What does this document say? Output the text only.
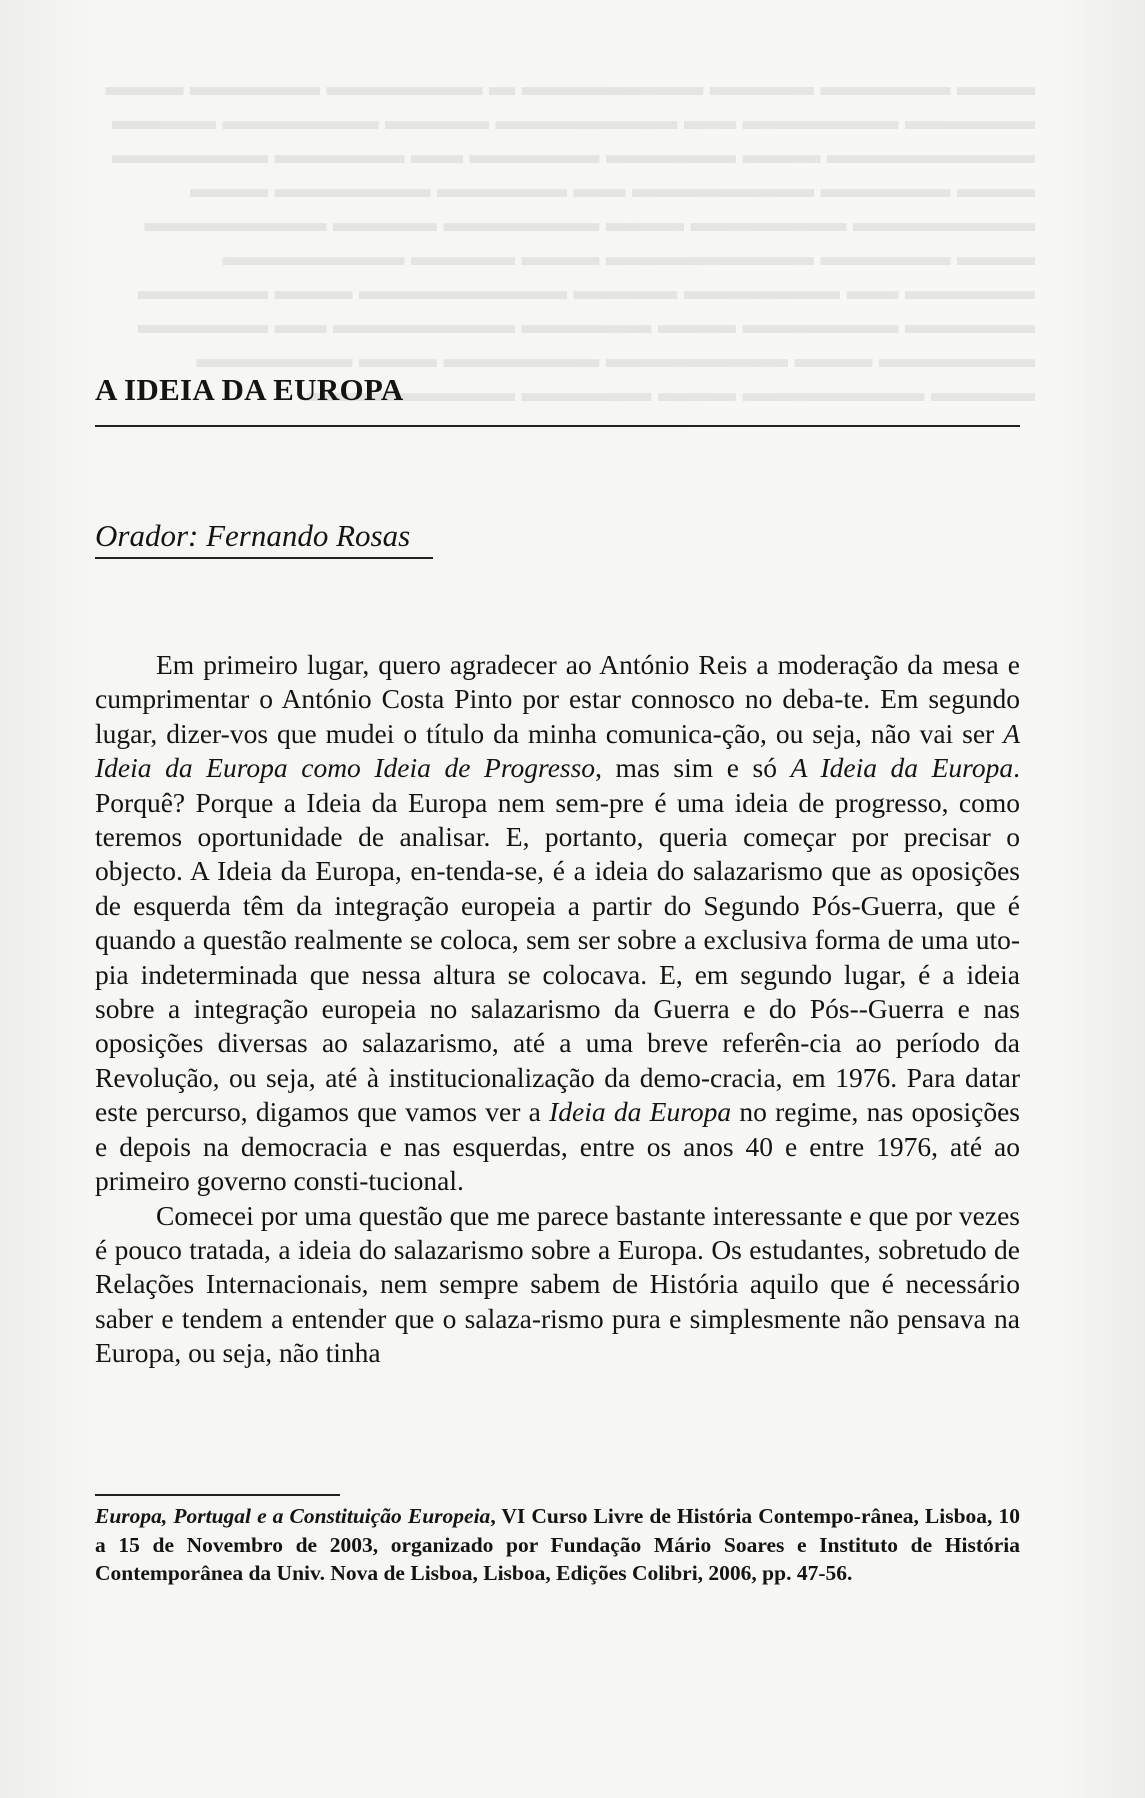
▬▬▬ ▬▬▬▬▬ ▬▬▬▬ ▬▬▬▬▬▬▬ ▬ ▬▬▬▬▬▬ ▬▬▬▬▬ ▬▬▬ ▬▬▬▬▬ ▬▬▬▬▬▬ ▬▬ ▬▬▬▬▬▬▬ ▬▬▬▬ ▬▬▬▬▬▬ ▬▬▬▬ ▬▬▬▬▬▬▬▬ ▬▬▬ ▬▬▬▬▬ ▬▬▬▬▬ ▬▬ ▬▬▬▬▬ ▬▬▬▬▬▬ ▬▬▬ ▬▬▬▬▬ ▬▬▬▬▬▬▬ ▬▬ ▬▬▬▬▬ ▬▬▬▬▬▬ ▬▬▬ ▬▬▬▬▬▬▬ ▬▬▬▬▬▬ ▬▬▬ ▬▬▬▬▬▬ ▬▬▬▬ ▬▬▬▬▬▬▬ ▬▬▬ ▬▬▬▬▬ ▬▬▬▬▬▬▬▬ ▬▬▬ ▬▬▬▬ ▬▬▬▬▬▬▬ ▬▬▬▬▬ ▬▬ ▬▬▬▬▬▬ ▬▬▬▬ ▬▬▬▬▬▬▬▬ ▬▬▬ ▬▬▬▬▬ ▬▬▬▬▬ ▬▬▬▬▬▬ ▬▬▬ ▬▬▬▬▬ ▬▬▬▬▬▬▬ ▬▬ ▬▬▬▬▬ ▬▬▬▬▬▬ ▬▬▬ ▬▬▬▬▬▬▬ ▬▬▬▬▬▬ ▬▬▬ ▬▬▬▬▬▬ ▬▬▬▬ ▬▬▬▬▬▬▬ ▬▬▬ ▬▬▬▬▬ ▬▬▬▬▬▬▬▬
A IDEIA DA EUROPA
Orador: Fernando Rosas

Em primeiro lugar, quero agradecer ao António Reis a moderação da mesa e cumprimentar o António Costa Pinto por estar connosco no deba-te. Em segundo lugar, dizer-vos que mudei o título da minha comunica-ção, ou seja, não vai ser A Ideia da Europa como Ideia de Progresso, mas sim e só A Ideia da Europa. Porquê? Porque a Ideia da Europa nem sem-pre é uma ideia de progresso, como teremos oportunidade de analisar. E, portanto, queria começar por precisar o objecto. A Ideia da Europa, en-tenda-se, é a ideia do salazarismo que as oposições de esquerda têm da integração europeia a partir do Segundo Pós-Guerra, que é quando a questão realmente se coloca, sem ser sobre a exclusiva forma de uma uto-pia indeterminada que nessa altura se colocava. E, em segundo lugar, é a ideia sobre a integração europeia no salazarismo da Guerra e do Pós--Guerra e nas oposições diversas ao salazarismo, até a uma breve referên-cia ao período da Revolução, ou seja, até à institucionalização da demo-cracia, em 1976. Para datar este percurso, digamos que vamos ver a Ideia da Europa no regime, nas oposições e depois na democracia e nas esquerdas, entre os anos 40 e entre 1976, até ao primeiro governo consti-tucional.

Comecei por uma questão que me parece bastante interessante e que por vezes é pouco tratada, a ideia do salazarismo sobre a Europa. Os estudantes, sobretudo de Relações Internacionais, nem sempre sabem de História aquilo que é necessário saber e tendem a entender que o salaza-rismo pura e simplesmente não pensava na Europa, ou seja, não tinha

Europa, Portugal e a Constituição Europeia, VI Curso Livre de História Contempo-rânea, Lisboa, 10 a 15 de Novembro de 2003, organizado por Fundação Mário Soares e Instituto de História Contemporânea da Univ. Nova de Lisboa, Lisboa, Edições Colibri, 2006, pp. 47-56.
